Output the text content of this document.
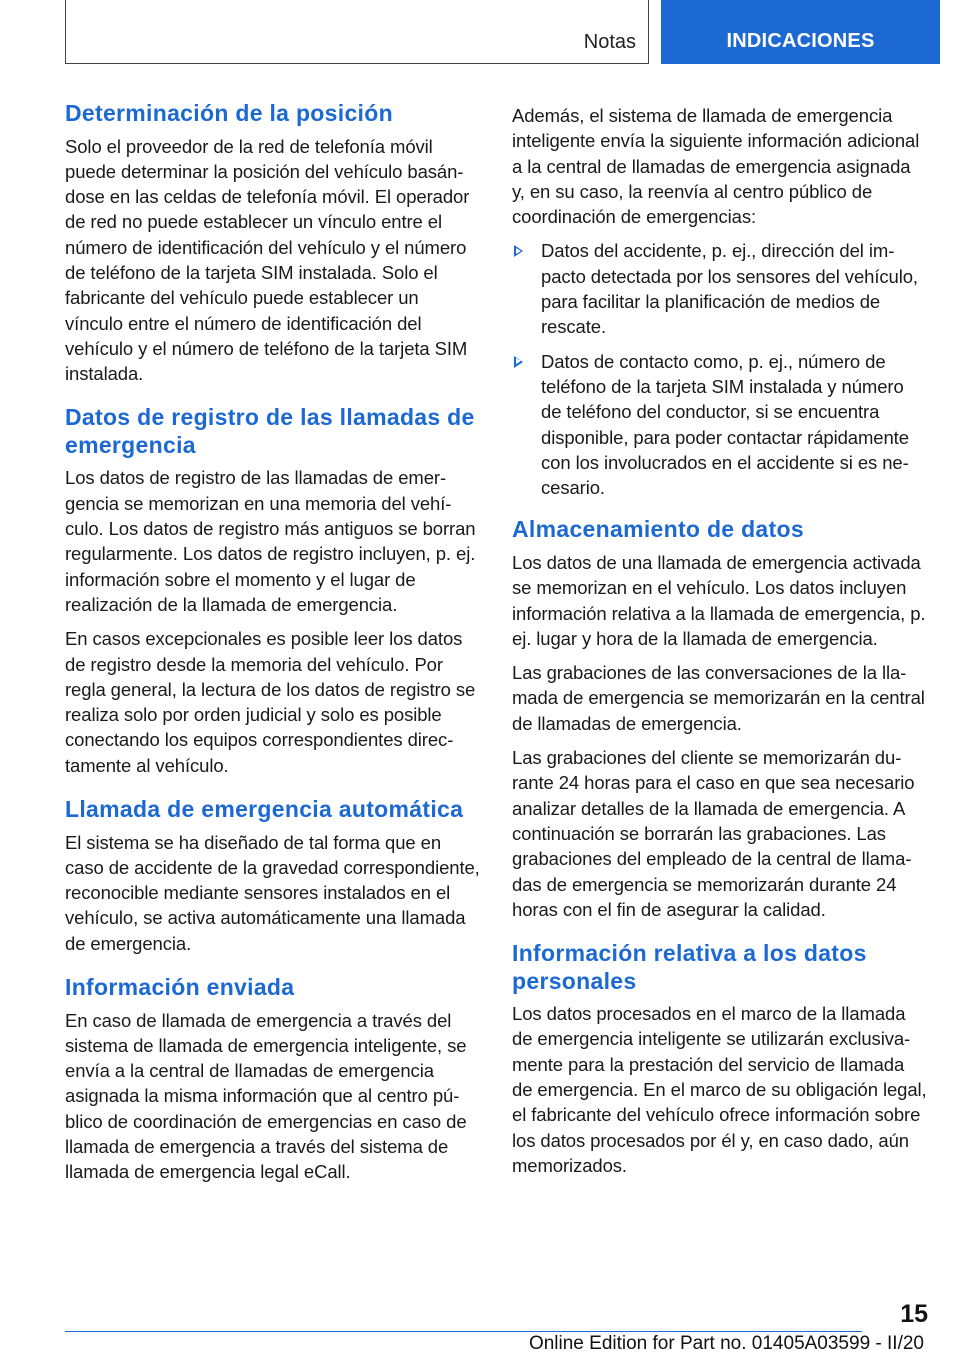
Notas	INDICACIONES
Determinación de la posición

Solo el proveedor de la red de telefonía móvil puede determinar la posición del vehículo basándose en las celdas de telefonía móvil. El operador de red no puede establecer un vínculo entre el número de identificación del vehículo y el número de teléfono de la tarjeta SIM instalada. Solo el fabricante del vehículo puede establecer un vínculo entre el número de identificación del vehículo y el número de teléfono de la tarjeta SIM instalada.

Datos de registro de las llamadas de emergencia

Los datos de registro de las llamadas de emergencia se memorizan en una memoria del vehículo. Los datos de registro más antiguos se borran regularmente. Los datos de registro incluyen, p. ej. información sobre el momento y el lugar de realización de la llamada de emergencia.

En casos excepcionales es posible leer los datos de registro desde la memoria del vehículo. Por regla general, la lectura de los datos de registro se realiza solo por orden judicial y solo es posible conectando los equipos correspondientes directamente al vehículo.

Llamada de emergencia automática

El sistema se ha diseñado de tal forma que en caso de accidente de la gravedad correspondiente, reconocible mediante sensores instalados en el vehículo, se activa automáticamente una llamada de emergencia.

Información enviada

En caso de llamada de emergencia a través del sistema de llamada de emergencia inteligente, se envía a la central de llamadas de emergencia asignada la misma información que al centro público de coordinación de emergencias en caso de llamada de emergencia a través del sistema de llamada de emergencia legal eCall.

Además, el sistema de llamada de emergencia inteligente envía la siguiente información adicional a la central de llamadas de emergencia asignada y, en su caso, la reenvía al centro público de coordinación de emergencias:

Datos del accidente, p. ej., dirección del impacto detectada por los sensores del vehículo, para facilitar la planificación de medios de rescate.
Datos de contacto como, p. ej., número de teléfono de la tarjeta SIM instalada y número de teléfono del conductor, si se encuentra disponible, para poder contactar rápidamente con los involucrados en el accidente si es necesario.
Almacenamiento de datos

Los datos de una llamada de emergencia activada se memorizan en el vehículo. Los datos incluyen información relativa a la llamada de emergencia, p. ej. lugar y hora de la llamada de emergencia.

Las grabaciones de las conversaciones de la llamada de emergencia se memorizarán en la central de llamadas de emergencia.

Las grabaciones del cliente se memorizarán durante 24 horas para el caso en que sea necesario analizar detalles de la llamada de emergencia. A continuación se borrarán las grabaciones. Las grabaciones del empleado de la central de llamadas de emergencia se memorizarán durante 24 horas con el fin de asegurar la calidad.

Información relativa a los datos personales

Los datos procesados en el marco de la llamada de emergencia inteligente se utilizarán exclusivamente para la prestación del servicio de llamada de emergencia. En el marco de su obligación legal, el fabricante del vehículo ofrece información sobre los datos procesados por él y, en caso dado, aún memorizados.

15
Online Edition for Part no. 01405A03599 - II/20
